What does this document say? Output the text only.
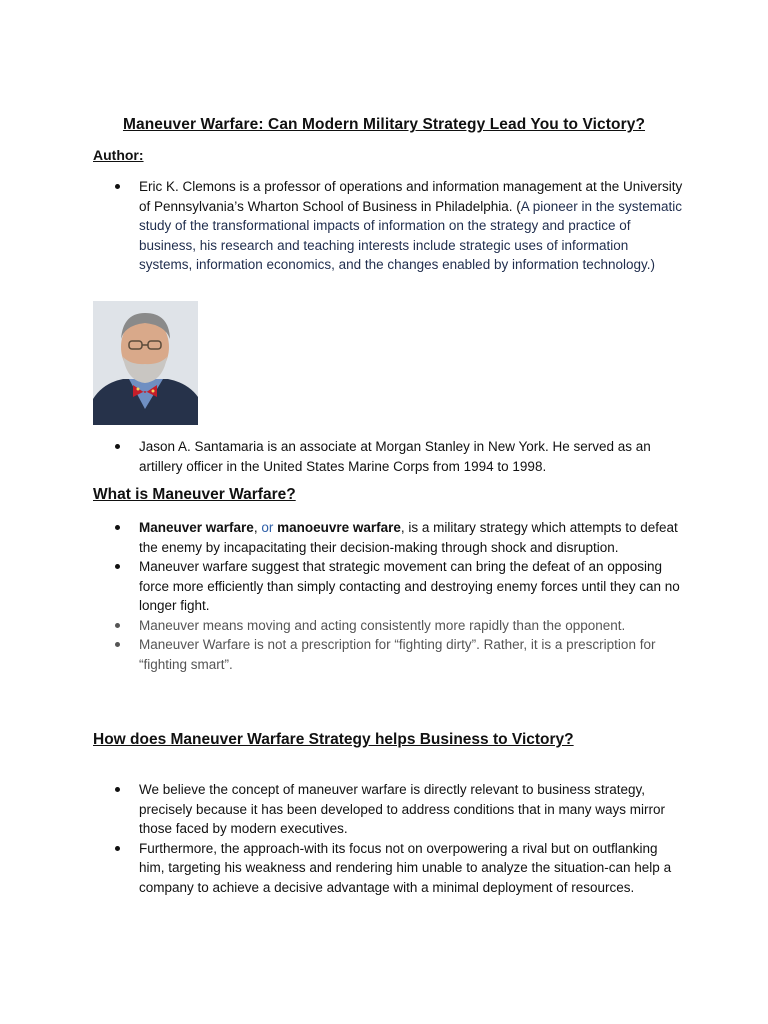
Maneuver Warfare: Can Modern Military Strategy Lead You to Victory?
Author:
Eric K. Clemons is a professor of operations and information management at the University of Pennsylvania’s Wharton School of Business in Philadelphia. (A pioneer in the systematic study of the transformational impacts of information on the strategy and practice of business, his research and teaching interests include strategic uses of information systems, information economics, and the changes enabled by information technology.)
Jason A. Santamaria is an associate at Morgan Stanley in New York. He served as an artillery officer in the United States Marine Corps from 1994 to 1998.
What is Maneuver Warfare?
Maneuver warfare, or manoeuvre warfare, is a military strategy which attempts to defeat the enemy by incapacitating their decision-making through shock and disruption.
Maneuver warfare suggest that strategic movement can bring the defeat of an opposing force more efficiently than simply contacting and destroying enemy forces until they can no longer fight.
Maneuver means moving and acting consistently more rapidly than the opponent.
Maneuver Warfare is not a prescription for “fighting dirty”. Rather, it is a prescription for “fighting smart”.
How does Maneuver Warfare Strategy helps Business to Victory?
We believe the concept of maneuver warfare is directly relevant to business strategy, precisely because it has been developed to address conditions that in many ways mirror those faced by modern executives.
Furthermore, the approach-with its focus not on overpowering a rival but on outflanking him, targeting his weakness and rendering him unable to analyze the situation-can help a company to achieve a decisive advantage with a minimal deployment of resources.
